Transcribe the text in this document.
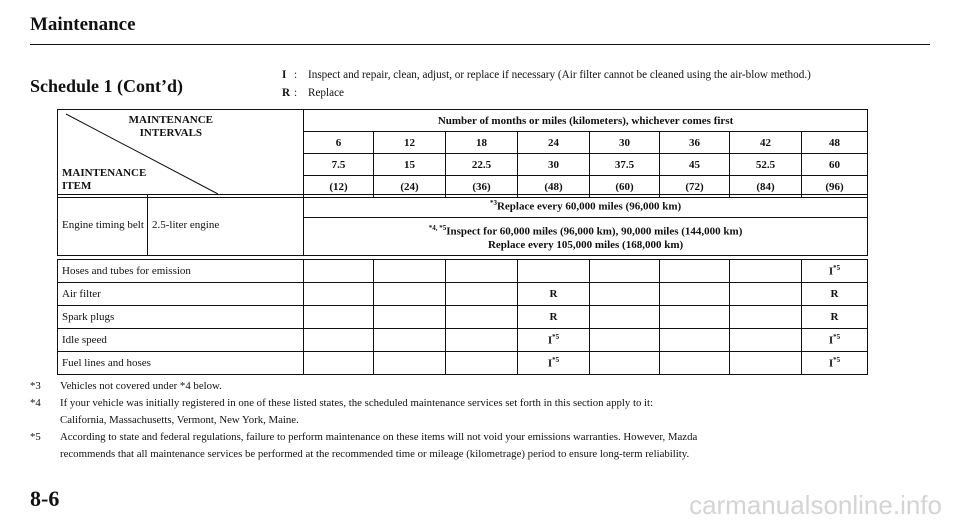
Maintenance
Schedule 1 (Cont’d)
I : Inspect and repair, clean, adjust, or replace if necessary (Air filter cannot be cleaned using the air-blow method.)
R : Replace
MAINTENANCE
INTERVALS
MAINTENANCE
ITEM	Number of months or miles (kilometers), whichever comes first							
	6	12	18	24	30	36	42	48
	7.5	15	22.5	30	37.5	45	52.5	60
	(12)	(24)	(36)	(48)	(60)	(72)	(84)	(96)
Engine timing belt	2.5-liter engine	$^{*3}$Replace every 60,000 miles (96,000 km)

$^{*4, *5}$Inspect for 60,000 miles (96,000 km), 90,000 miles (144,000 km)
Replace every 105,000 miles (168,000 km)
Hoses and tubes for emission								$I^{*5}$
Air filter				R				R
Spark plugs				R				R
Idle speed				$I^{*5}$				$I^{*5}$
Fuel lines and hoses				$I^{*5}$				$I^{*5}$
*3	Vehicles not covered under *4 below.
*4	If your vehicle was initially registered in one of these listed states, the scheduled maintenance services set forth in this section apply to it:
California, Massachusetts, Vermont, New York, Maine.
*5	According to state and federal regulations, failure to perform maintenance on these items will not void your emissions warranties. However, Mazda
recommends that all maintenance services be performed at the recommended time or mileage (kilometrage) period to ensure long-term reliability.
8-6	carmanualsonline.info
